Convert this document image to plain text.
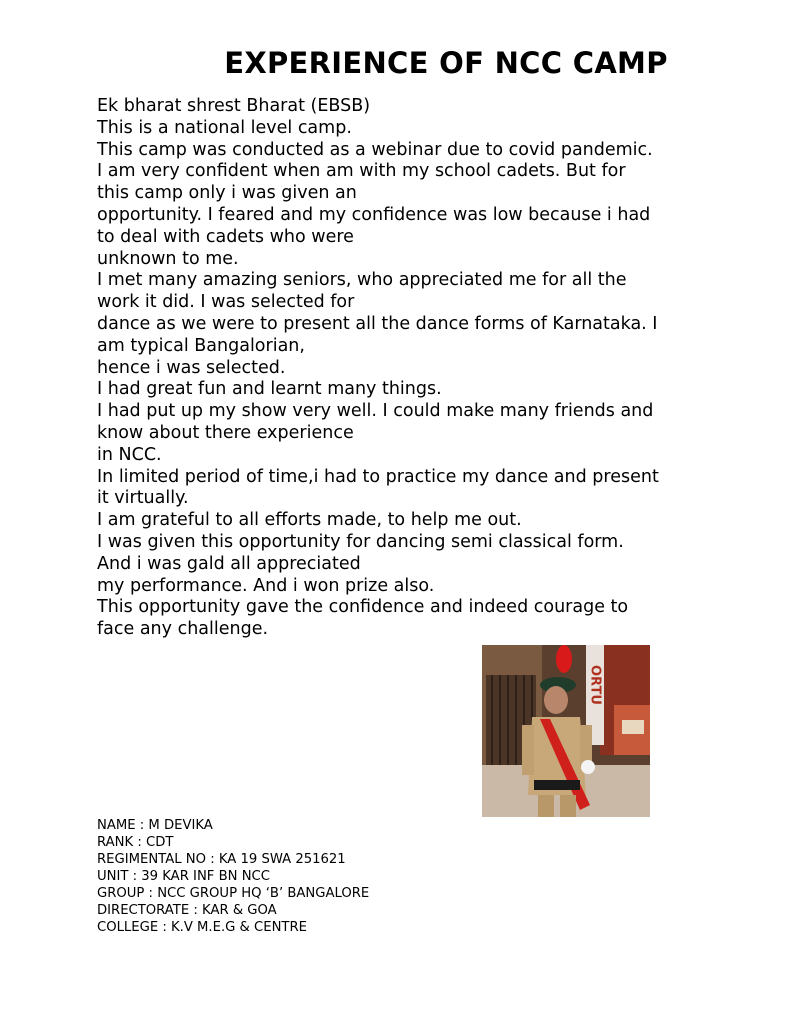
EXPERIENCE OF NCC CAMP
Ek bharat shrest Bharat (EBSB)
This is a national level camp.
This camp was conducted as a webinar due to covid pandemic.
I am very confident when am with my school cadets. But for
this camp only i was given an
opportunity. I feared and my confidence was low because i had
to deal with cadets who were
unknown to me.
I met many amazing seniors, who appreciated me for all the
work it did. I was selected for
dance as we were to present all the dance forms of Karnataka. I
am typical Bangalorian,
hence i was selected.
I had great fun and learnt many things.
I had put up my show very well. I could make many friends and
know about there experience
in NCC.
In limited period of time,i had to practice my dance and present
it virtually.
I am grateful to all efforts made, to help me out.
I was given this opportunity for dancing semi classical form.
And i was gald all appreciated
my performance. And i won prize also.
This opportunity gave the confidence and indeed courage to
face any challenge.
ORTU
NAME : M DEVIKA
RANK : CDT
REGIMENTAL NO : KA 19 SWA 251621
UNIT : 39 KAR INF BN NCC
GROUP : NCC GROUP HQ ‘B’ BANGALORE
DIRECTORATE : KAR & GOA
COLLEGE : K.V M.E.G & CENTRE
